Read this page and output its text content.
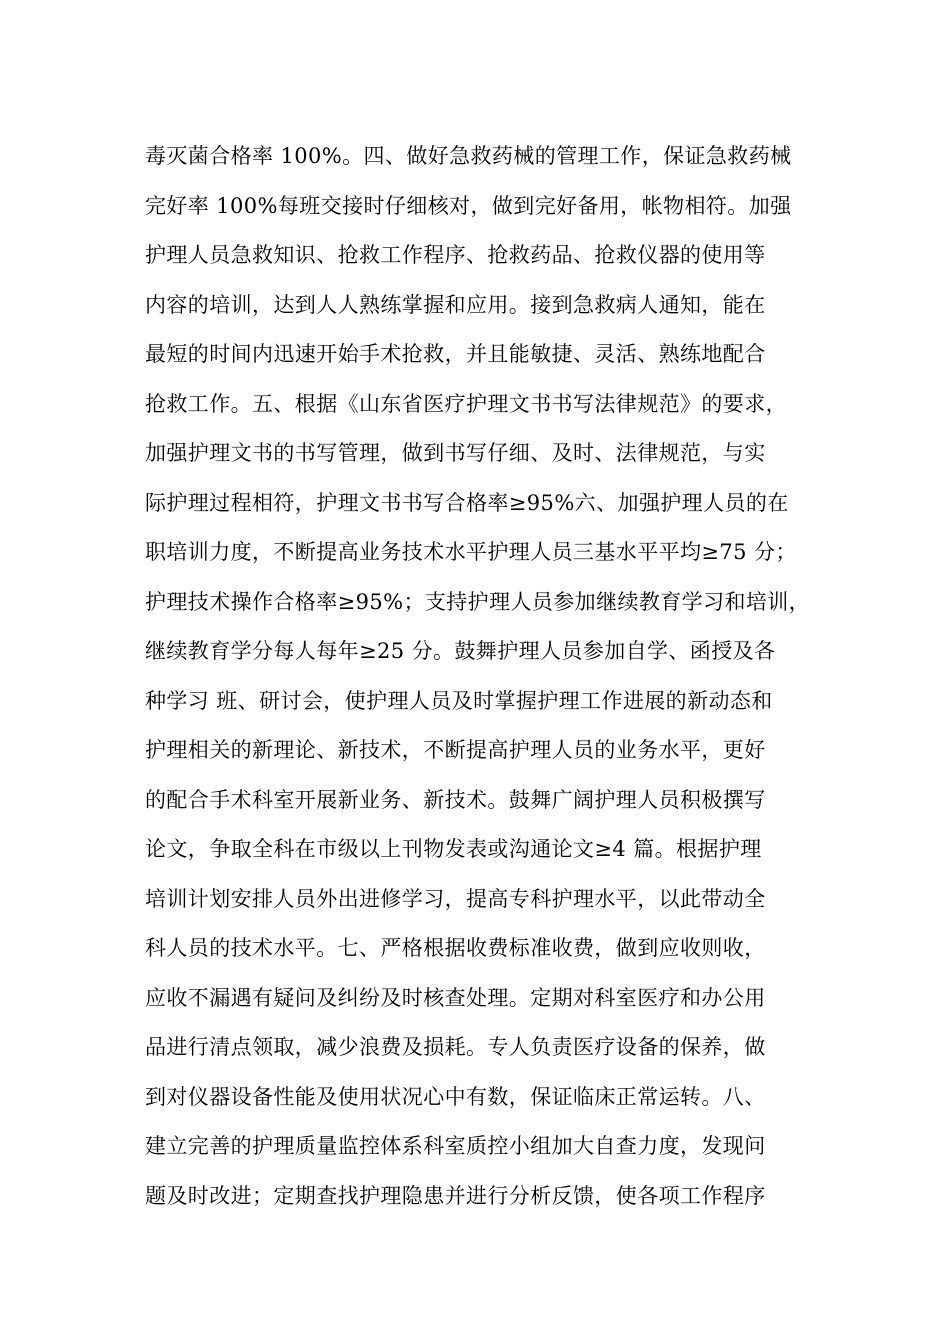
毒灭菌合格率 100%。四、做好急救药械的管理工作，保证急救药械
完好率 100%每班交接时仔细核对，做到完好备用，帐物相符。加强
护理人员急救知识、抢救工作程序、抢救药品、抢救仪器的使用等
内容的培训，达到人人熟练掌握和应用。接到急救病人通知，能在
最短的时间内迅速开始手术抢救，并且能敏捷、灵活、熟练地配合
抢救工作。五、根据《山东省医疗护理文书书写法律规范》的要求，
加强护理文书的书写管理，做到书写仔细、及时、法律规范，与实
际护理过程相符，护理文书书写合格率≥95%六、加强护理人员的在
职培训力度，不断提高业务技术水平护理人员三基水平平均≥75 分；
护理技术操作合格率≥95%；支持护理人员参加继续教育学习和培训，
继续教育学分每人每年≥25 分。鼓舞护理人员参加自学、函授及各
种学习 班、研讨会，使护理人员及时掌握护理工作进展的新动态和
护理相关的新理论、新技术，不断提高护理人员的业务水平，更好
的配合手术科室开展新业务、新技术。鼓舞广阔护理人员积极撰写
论文，争取全科在市级以上刊物发表或沟通论文≥4 篇。根据护理
培训计划安排人员外出进修学习，提高专科护理水平，以此带动全
科人员的技术水平。七、严格根据收费标准收费，做到应收则收，
应收不漏遇有疑问及纠纷及时核查处理。定期对科室医疗和办公用
品进行清点领取，减少浪费及损耗。专人负责医疗设备的保养，做
到对仪器设备性能及使用状况心中有数，保证临床正常运转。八、
建立完善的护理质量监控体系科室质控小组加大自查力度，发现问
题及时改进；定期查找护理隐患并进行分析反馈，使各项工作程序
